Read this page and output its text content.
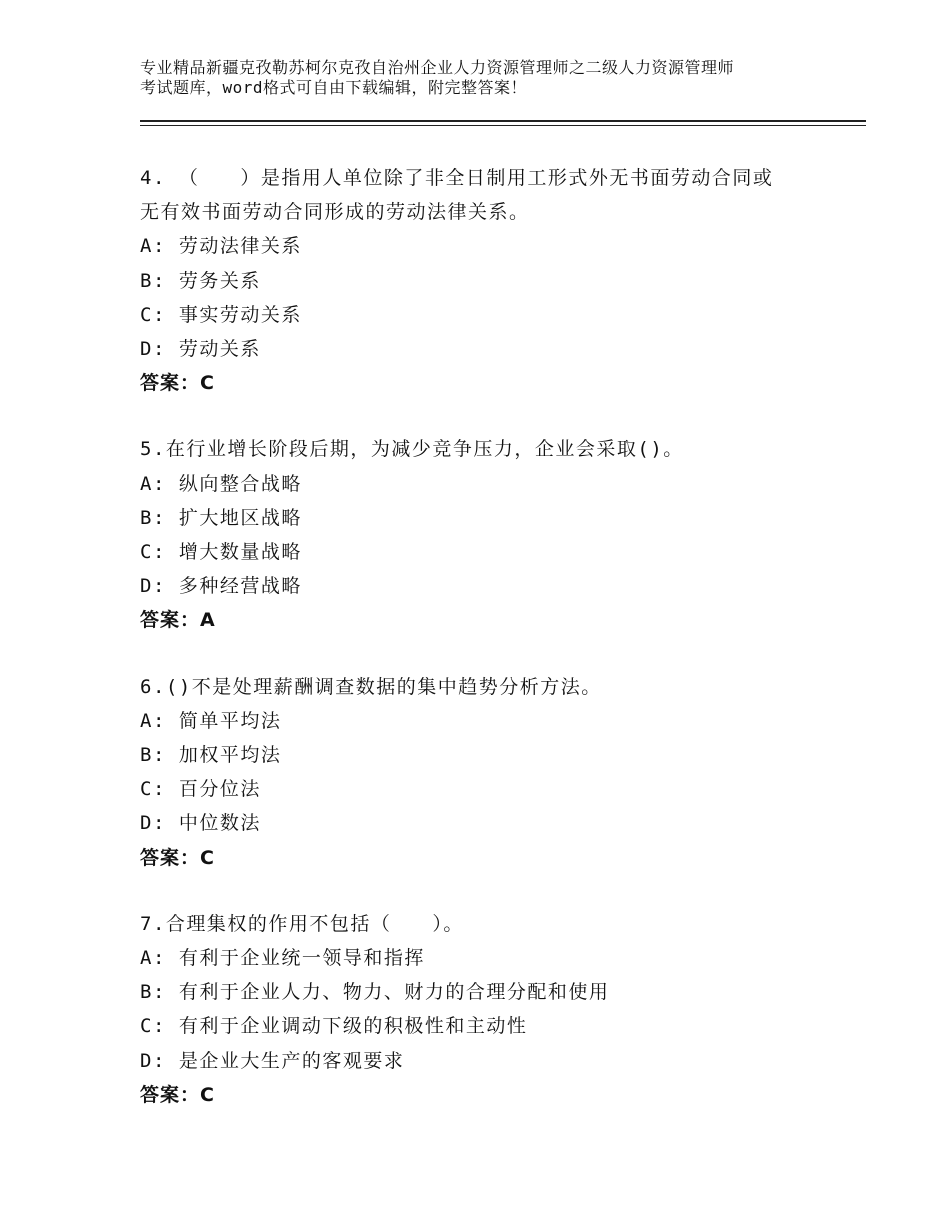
专业精品新疆克孜勒苏柯尔克孜自治州企业人力资源管理师之二级人力资源管理师
考试题库，word格式可自由下载编辑，附完整答案！
4. （　　）是指用人单位除了非全日制用工形式外无书面劳动合同或
无有效书面劳动合同形成的劳动法律关系。
A: 劳动法律关系
B: 劳务关系
C: 事实劳动关系
D: 劳动关系
答案：C
5.在行业增长阶段后期，为减少竞争压力，企业会采取()。
A: 纵向整合战略
B: 扩大地区战略
C: 增大数量战略
D: 多种经营战略
答案：A
6.()不是处理薪酬调查数据的集中趋势分析方法。
A: 简单平均法
B: 加权平均法
C: 百分位法
D: 中位数法
答案：C
7.合理集权的作用不包括（　　）。
A: 有利于企业统一领导和指挥
B: 有利于企业人力、物力、财力的合理分配和使用
C: 有利于企业调动下级的积极性和主动性
D: 是企业大生产的客观要求
答案：C
